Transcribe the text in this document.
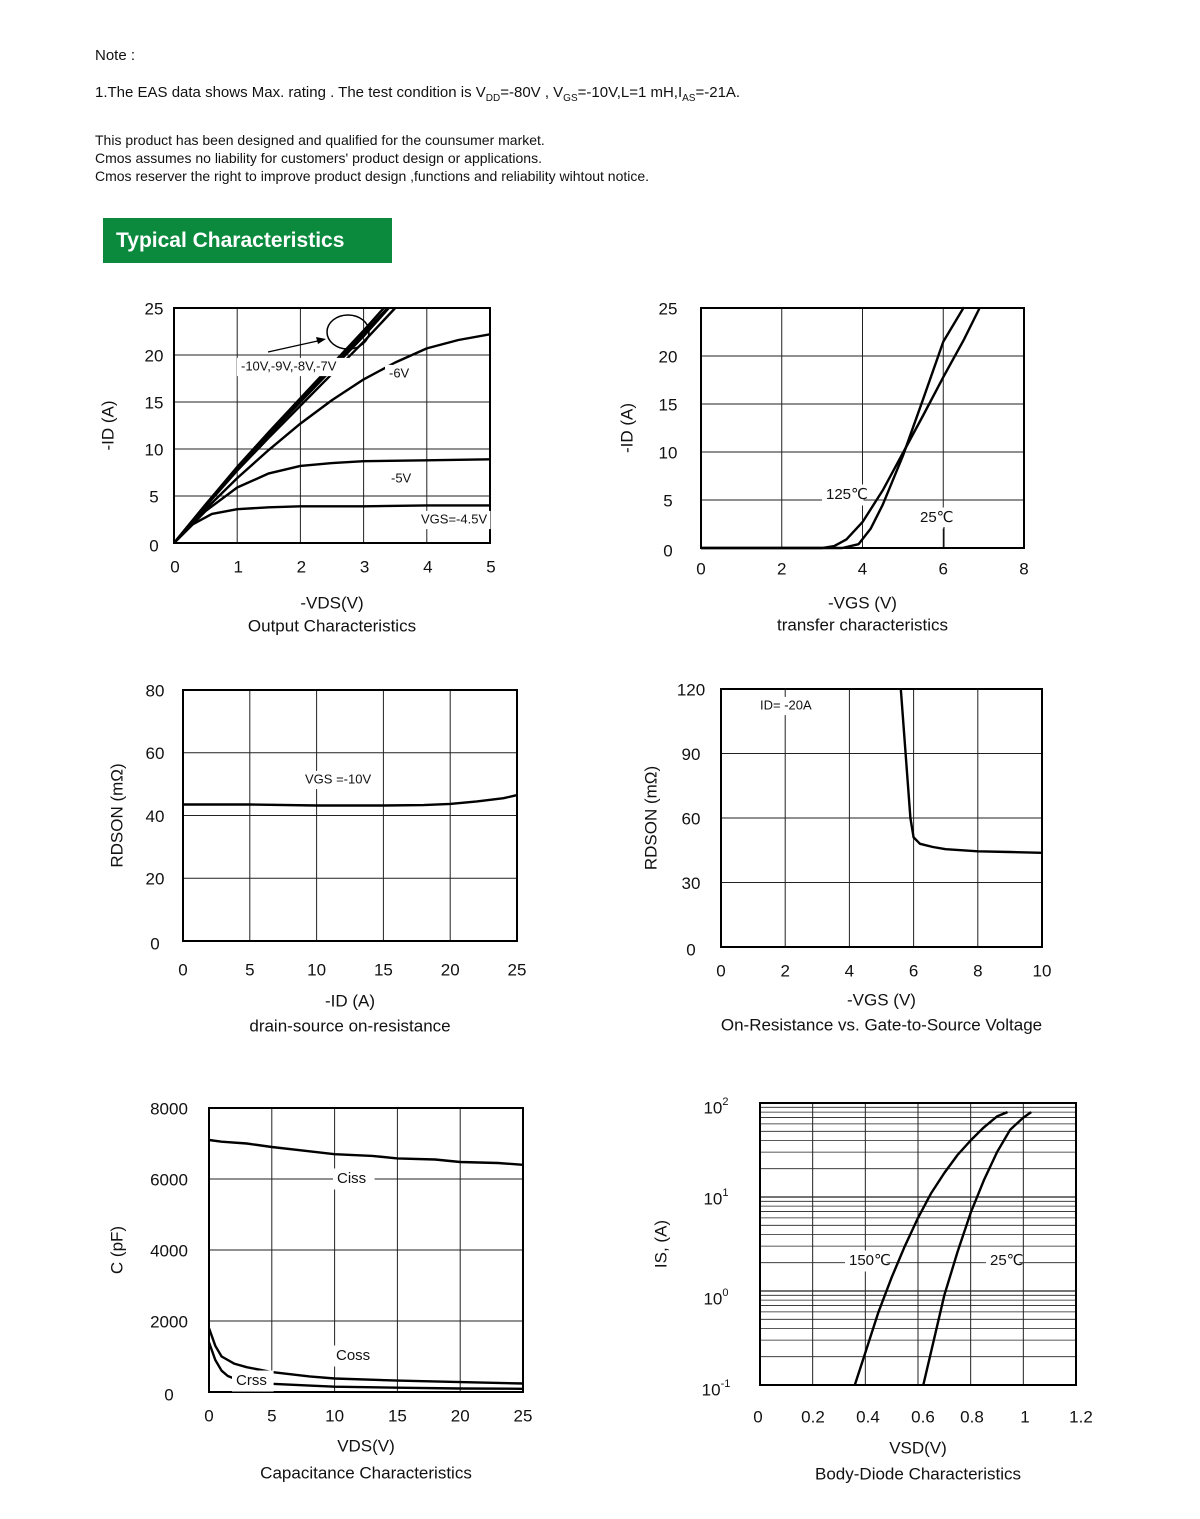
Note :
1.The EAS data shows Max. rating . The test condition is $V_{DD}=-80V$ , $V_{GS}=-10V,L=1$ $mH,I_{AS}=-21A$.
This product has been designed and qualified for the counsumer market.
Cmos assumes no liability for customers' product design or applications.
Cmos reserver the right to improve product design ,functions and reliability wihtout notice.
Typical Characteristics
0	1	2	3	4	5
0
5
10
15
20
25
-VDS(V)
-ID (A)
Output Characteristics
-10V,-9V,-8V,-7V	-6V
-5V
VGS=-4.5V
0	2	4	6	8
0
5
10
15
20
25
-VGS (V)
-ID (A)
transfer characteristics
125℃
25℃
0	5	10	15	20	25
0
20
40
60
80
-ID (A)
RDSON (mΩ)
drain-source on-resistance
VGS =-10V
0	2	4	6	8	10
0
30
60
90
120
-VGS (V)
RDSON (mΩ)
On-Resistance vs. Gate-to-Source Voltage
ID= -20A
0	5	10	15	20	25
0
2000
4000
6000
8000
VDS(V)
C (pF)
Capacitance Characteristics
Ciss
Coss
Crss
0 0.2 0.4 0.6 0.8 1 1.2
$10^{-1}$
$10^0$
$10^1$
$10^2$
VSD(V)
IS, (A)
Body-Diode Characteristics
150℃	25℃
